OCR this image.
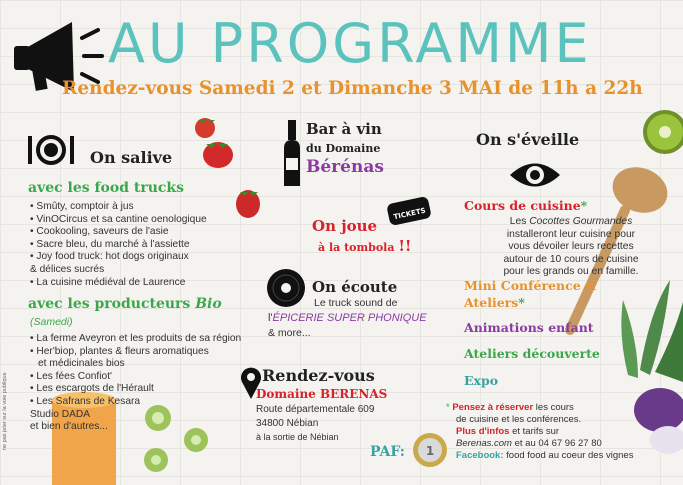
AU PROGRAMME
Rendez-vous Samedi 2 et Dimanche 3 MAI de 11h a 22h
On salive
avec les food trucks
• Smûty, comptoir à jus
• VinOCircus et sa cantine oenologique
• Cookooling, saveurs de l'asie
• Sacre bleu, du marché à l'assiette
• Joy food truck: hot dogs originaux
& délices sucrés
• La cuisine médiéval de Laurence
avec les producteurs Bio
(Samedi)
• La ferme Aveyron et les produits de sa région
• Her'biop, plantes & fleurs aromatiques
et médicinales bios
• Les fées Confiot'
• Les escargots de l'Hérault
• Les Safrans de Kesara
Studio DADA
et bien d'autres...
ne pas jeter sur la voie publique
Bar à vin
du Domaine
Bérénas
On joue
TICKETS
à la tombola !!
On écoute
Le truck sound de
l'ÉPICERIE SUPER PHONIQUE
& more...
Rendez-vous
Domaine BERENAS
Route départementale 609
34800 Nébian
à la sortie de Nébian
On s'éveille
Cours de cuisine*
Les Cocottes Gourmandes
installeront leur cuisine pour
vous dévoiler leurs recettes
autour de 10 cours de cuisine
pour les grands ou en famille.
Mini Conférence &
Ateliers*
Animations enfant
Ateliers découverte
Expo
* Pensez à réserver les cours
de cuisine et les conférences.
Plus d'infos et tarifs sur
Berenas.com et au 04 67 96 27 80
Facebook: food food au coeur des vignes
PAF: 1
